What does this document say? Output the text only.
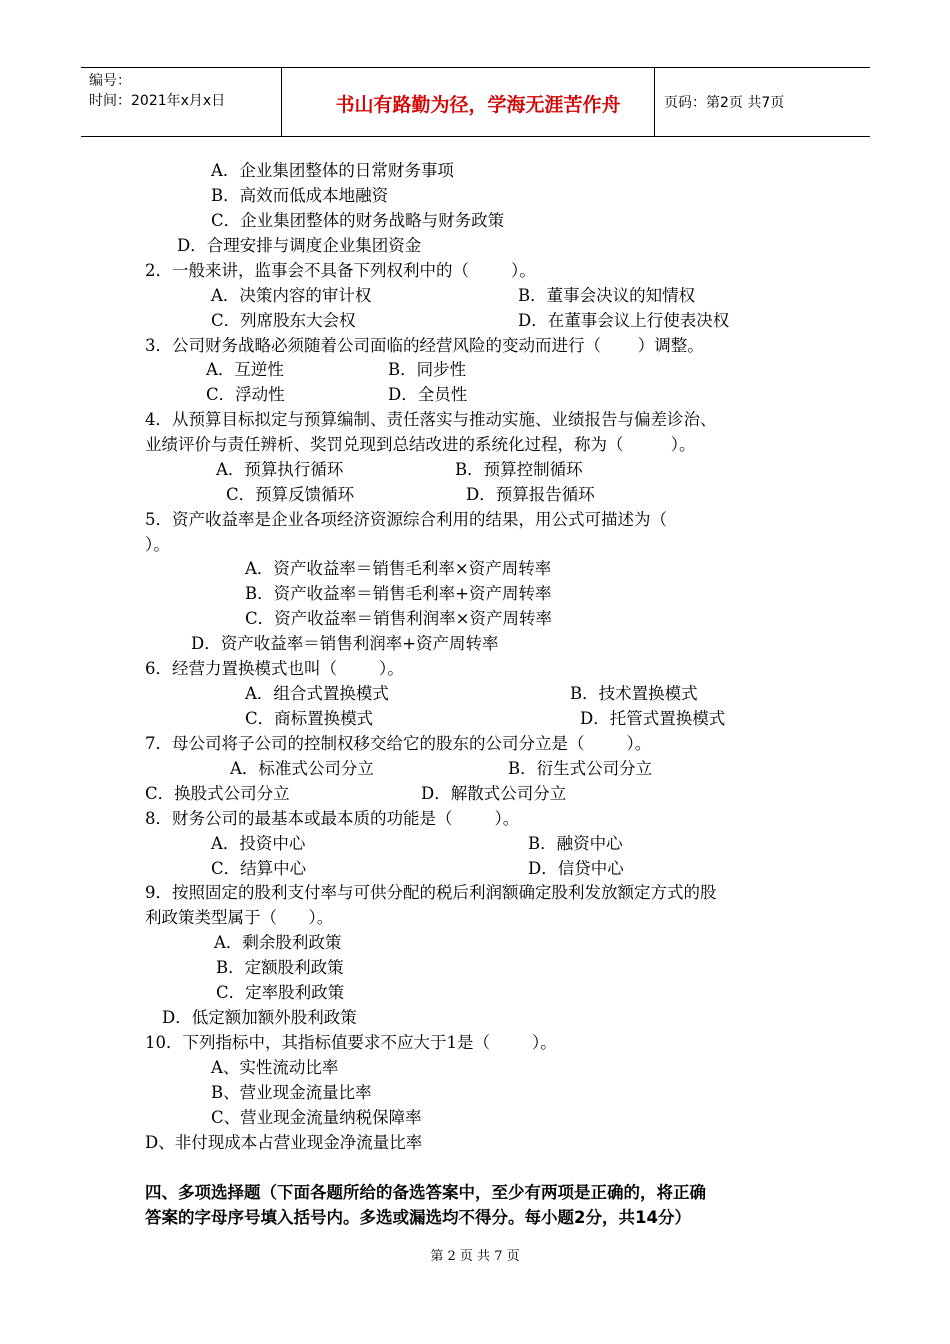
编号：
时间：2021年x月x日	书山有路勤为径，学海无涯苦作舟	页码：第2页 共7页
A．企业集团整体的日常财务事项
B．高效而低成本地融资
C．企业集团整体的财务战略与财务政策
D．合理安排与调度企业集团资金
2．一般来讲，监事会不具备下列权利中的（        ）。
A．决策内容的审计权	B．董事会决议的知情权
C．列席股东大会权	D．在董事会议上行使表决权
3．公司财务战略必须随着公司面临的经营风险的变动而进行（       ）调整。
A．互逆性	B．同步性
C．浮动性	D．全员性
4．从预算目标拟定与预算编制、责任落实与推动实施、业绩报告与偏差诊治、
业绩评价与责任辨析、奖罚兑现到总结改进的系统化过程，称为（         ）。
A．预算执行循环	B．预算控制循环
C．预算反馈循环	D．预算报告循环
5．资产收益率是企业各项经济资源综合利用的结果，用公式可描述为（
）。
A．资产收益率＝销售毛利率×资产周转率
B．资产收益率＝销售毛利率+资产周转率
C．资产收益率＝销售利润率×资产周转率
D．资产收益率＝销售利润率+资产周转率
6．经营力置换模式也叫（        ）。
A．组合式置换模式	B．技术置换模式
C．商标置换模式	D．托管式置换模式
7．母公司将子公司的控制权移交给它的股东的公司分立是（        ）。
A．标准式公司分立	B．衍生式公司分立
C．换股式公司分立	D．解散式公司分立
8．财务公司的最基本或最本质的功能是（        ）。
A．投资中心	B．融资中心
C．结算中心	D．信贷中心
9．按照固定的股利支付率与可供分配的税后利润额确定股利发放额定方式的股
利政策类型属于（      ）。
A．剩余股利政策
B．定额股利政策
C．定率股利政策
D．低定额加额外股利政策
10．下列指标中，其指标值要求不应大于1是（        ）。
A、实性流动比率
B、营业现金流量比率
C、营业现金流量纳税保障率
D、非付现成本占营业现金净流量比率
四、多项选择题（下面各题所给的备选答案中，至少有两项是正确的，将正确
答案的字母序号填入括号内。多选或漏选均不得分。每小题2分，共14分）
第 2 页 共 7 页
